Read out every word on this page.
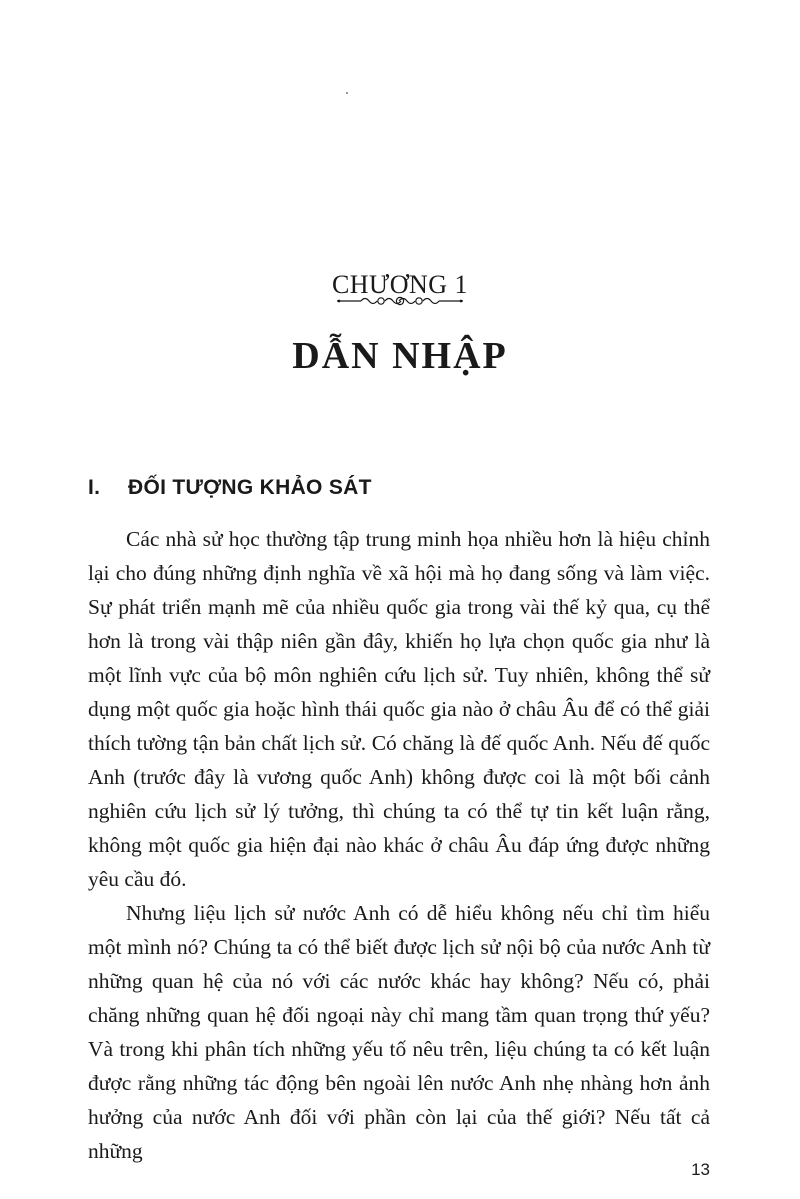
CHƯƠNG 1
DẪN NHẬP
I. ĐỐI TƯỢNG KHẢO SÁT

Các nhà sử học thường tập trung minh họa nhiều hơn là hiệu chỉnh lại cho đúng những định nghĩa về xã hội mà họ đang sống và làm việc. Sự phát triển mạnh mẽ của nhiều quốc gia trong vài thế kỷ qua, cụ thể hơn là trong vài thập niên gần đây, khiến họ lựa chọn quốc gia như là một lĩnh vực của bộ môn nghiên cứu lịch sử. Tuy nhiên, không thể sử dụng một quốc gia hoặc hình thái quốc gia nào ở châu Âu để có thể giải thích tường tận bản chất lịch sử. Có chăng là đế quốc Anh. Nếu đế quốc Anh (trước đây là vương quốc Anh) không được coi là một bối cảnh nghiên cứu lịch sử lý tưởng, thì chúng ta có thể tự tin kết luận rằng, không một quốc gia hiện đại nào khác ở châu Âu đáp ứng được những yêu cầu đó.

Nhưng liệu lịch sử nước Anh có dễ hiểu không nếu chỉ tìm hiểu một mình nó? Chúng ta có thể biết được lịch sử nội bộ của nước Anh từ những quan hệ của nó với các nước khác hay không? Nếu có, phải chăng những quan hệ đối ngoại này chỉ mang tầm quan trọng thứ yếu? Và trong khi phân tích những yếu tố nêu trên, liệu chúng ta có kết luận được rằng những tác động bên ngoài lên nước Anh nhẹ nhàng hơn ảnh hưởng của nước Anh đối với phần còn lại của thế giới? Nếu tất cả những

13
